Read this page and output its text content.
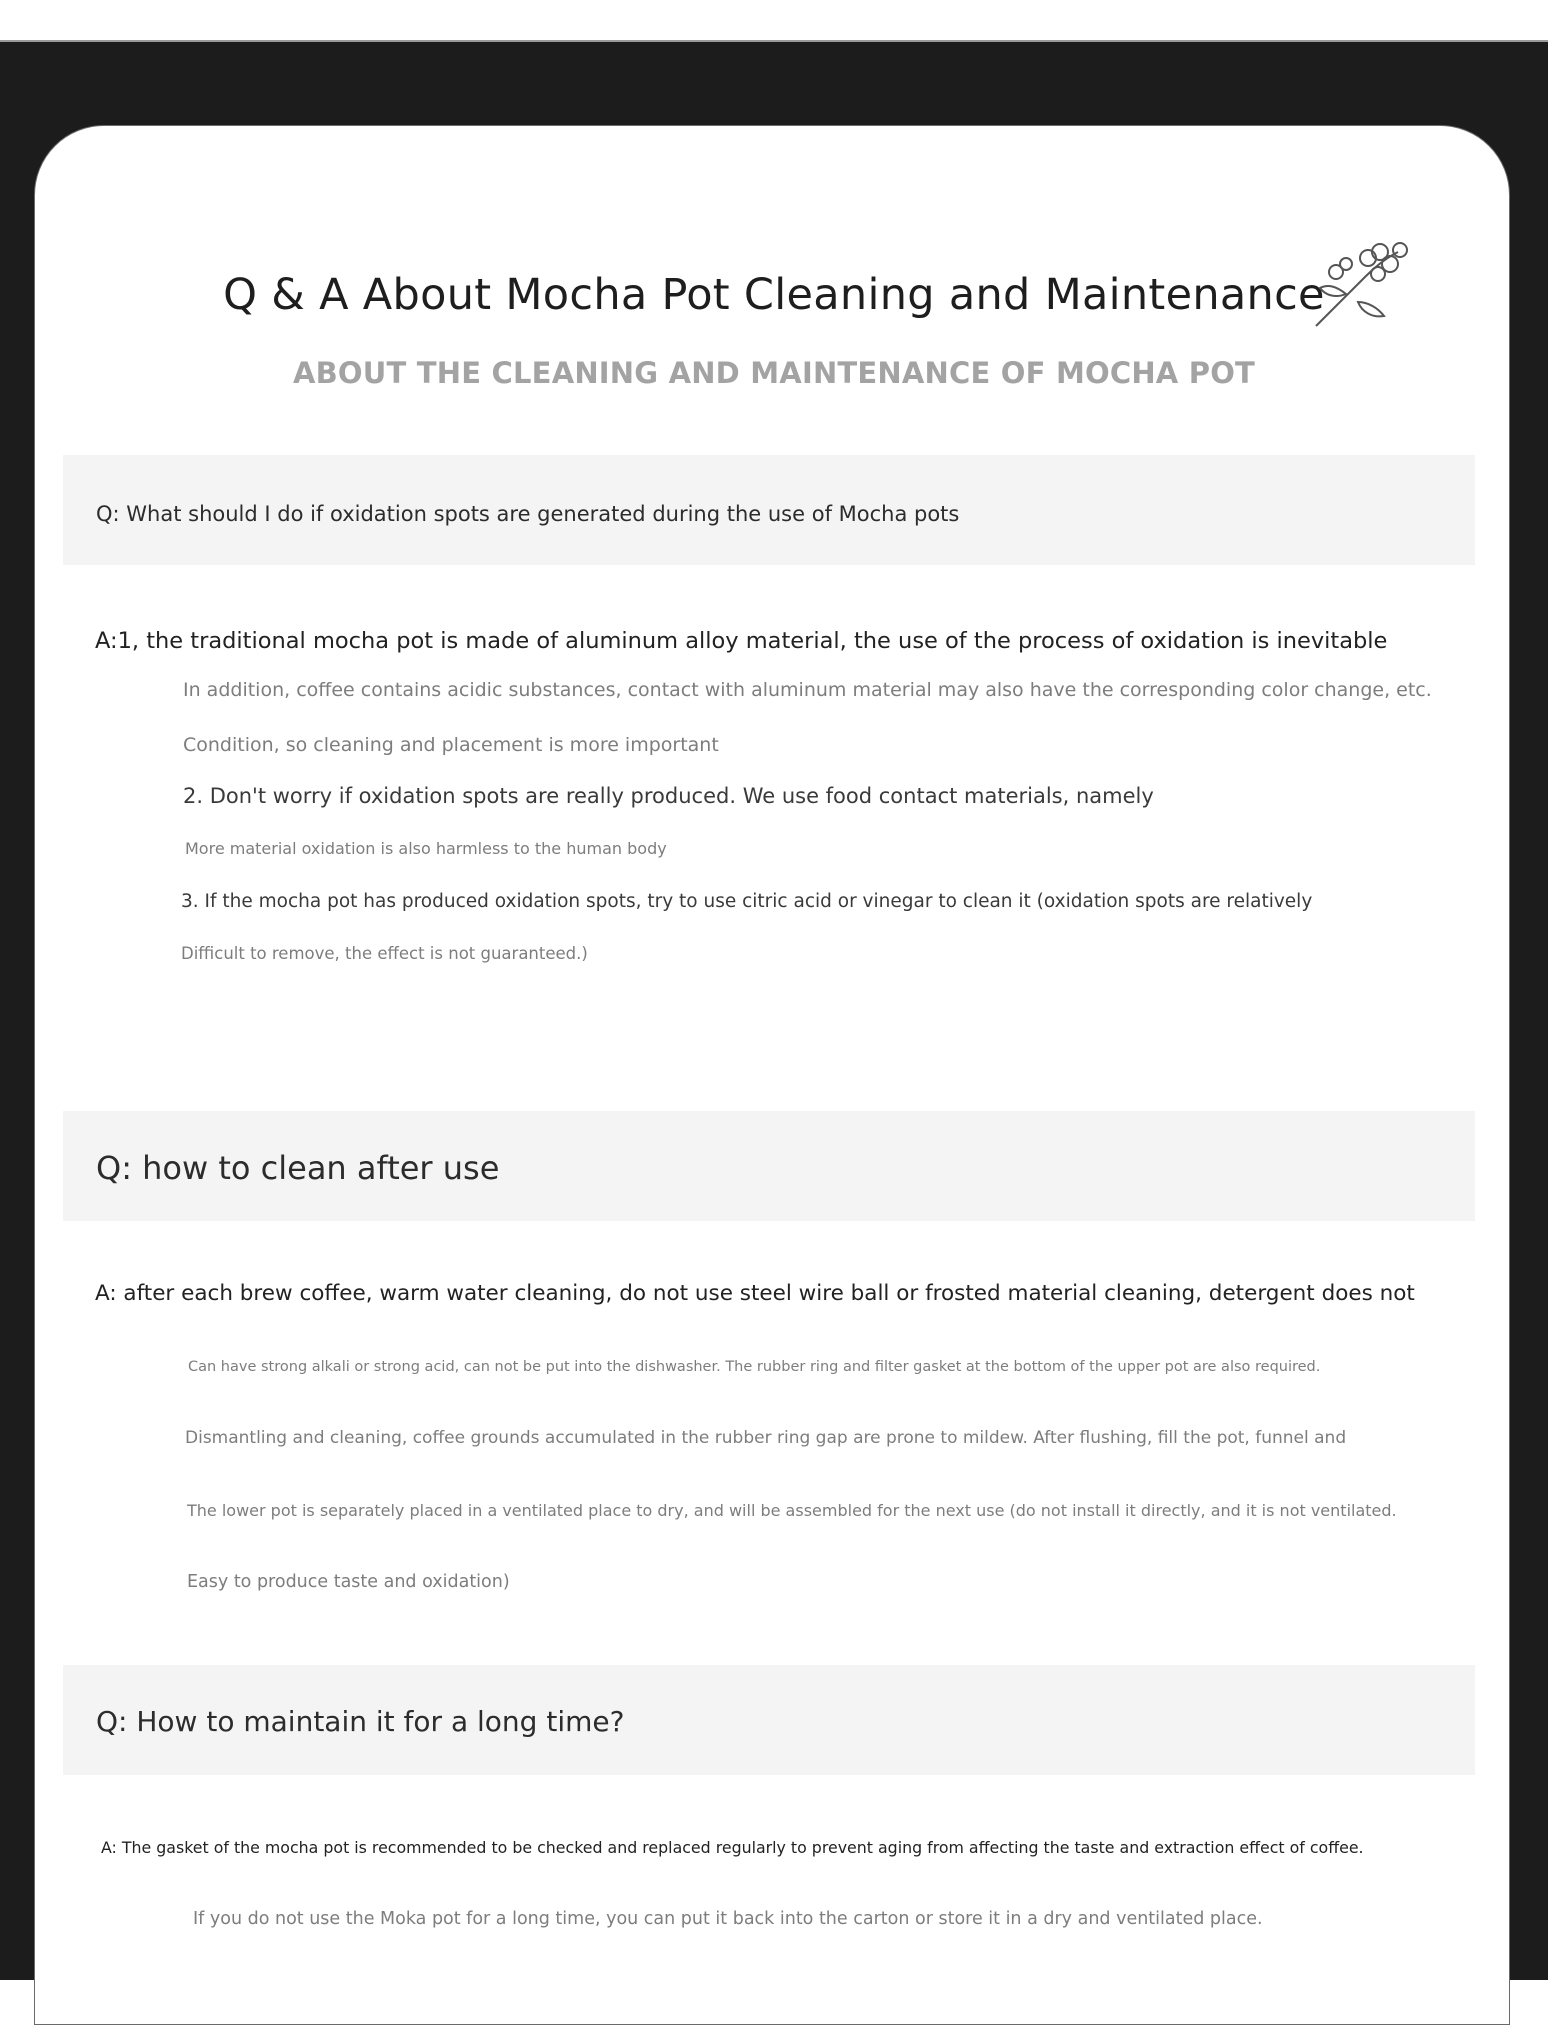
Q & A About Mocha Pot Cleaning and Maintenance
ABOUT THE CLEANING AND MAINTENANCE OF MOCHA POT
Q: What should I do if oxidation spots are generated during the use of Mocha pots
A:1, the traditional mocha pot is made of aluminum alloy material, the use of the process of oxidation is inevitable
In addition, coffee contains acidic substances, contact with aluminum material may also have the corresponding color change, etc.
Condition, so cleaning and placement is more important
2. Don't worry if oxidation spots are really produced. We use food contact materials, namely
More material oxidation is also harmless to the human body
3. If the mocha pot has produced oxidation spots, try to use citric acid or vinegar to clean it (oxidation spots are relatively
Difficult to remove, the effect is not guaranteed.)
Q: how to clean after use
A: after each brew coffee, warm water cleaning, do not use steel wire ball or frosted material cleaning, detergent does not
Can have strong alkali or strong acid, can not be put into the dishwasher. The rubber ring and filter gasket at the bottom of the upper pot are also required.
Dismantling and cleaning, coffee grounds accumulated in the rubber ring gap are prone to mildew. After flushing, fill the pot, funnel and
The lower pot is separately placed in a ventilated place to dry, and will be assembled for the next use (do not install it directly, and it is not ventilated.
Easy to produce taste and oxidation)
Q: How to maintain it for a long time?
A: The gasket of the mocha pot is recommended to be checked and replaced regularly to prevent aging from affecting the taste and extraction effect of coffee.
If you do not use the Moka pot for a long time, you can put it back into the carton or store it in a dry and ventilated place.
